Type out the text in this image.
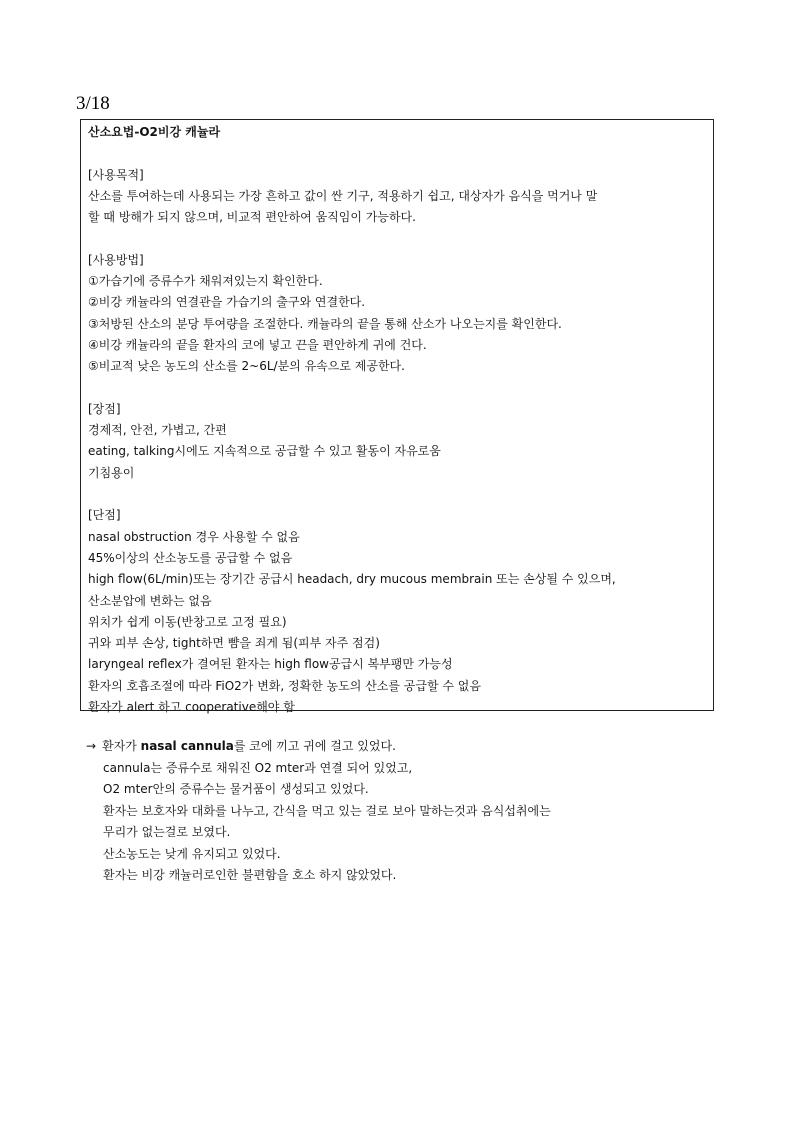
3/18
산소요법-O2비강 캐뉼라
[사용목적]
산소를 투여하는데 사용되는 가장 흔하고 값이 싼 기구, 적용하기 쉽고, 대상자가 음식을 먹거나 말
할 때 방해가 되지 않으며, 비교적 편안하여 움직임이 가능하다.
[사용방법]
①가습기에 증류수가 채워져있는지 확인한다.
②비강 캐뉼라의 연결관을 가습기의 출구와 연결한다.
③처방된 산소의 분당 투여량을 조절한다. 캐뉼라의 끝을 통해 산소가 나오는지를 확인한다.
④비강 캐뉼라의 끝을 환자의 코에 넣고 끈을 편안하게 귀에 건다.
⑤비교적 낮은 농도의 산소를 2~6L/분의 유속으로 제공한다.
[장점]
경제적, 안전, 가볍고, 간편
eating, talking시에도 지속적으로 공급할 수 있고 활동이 자유로움
기침용이
[단점]
nasal obstruction 경우 사용할 수 없음
45%이상의 산소농도를 공급할 수 없음
high flow(6L/min)또는 장기간 공급시 headach, dry mucous membrain 또는 손상될 수 있으며,
산소분압에 변화는 없음
위치가 쉽게 이동(반창고로 고정 필요)
귀와 피부 손상, tight하면 뺨을 죄게 됨(피부 자주 점검)
laryngeal reflex가 결여된 환자는 high flow공급시 복부팽만 가능성
환자의 호흡조절에 따라 FiO2가 변화, 정확한 농도의 산소를 공급할 수 없음
환자가 alert 하고 cooperative해야 함
→ 환자가 nasal cannula를 코에 끼고 귀에 걸고 있었다.
cannula는 증류수로 채워진 O2 mter과 연결 되어 있었고,
O2 mter안의 증류수는 물거품이 생성되고 있었다.
환자는 보호자와 대화를 나누고, 간식을 먹고 있는 걸로 보아 말하는것과 음식섭취에는
무리가 없는걸로 보였다.
산소농도는 낮게 유지되고 있었다.
환자는 비강 캐뉼러로인한 불편함을 호소 하지 않았었다.
